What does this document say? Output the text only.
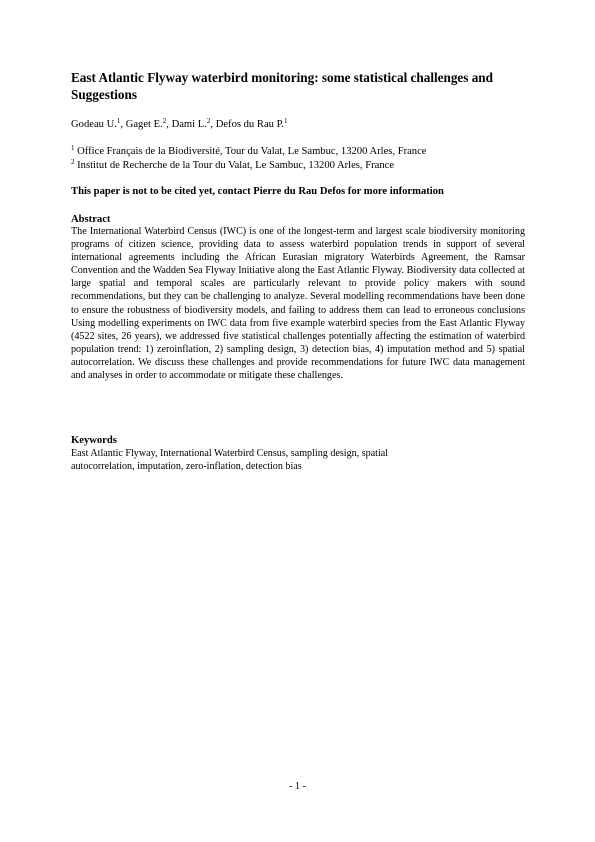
East Atlantic Flyway waterbird monitoring: some statistical challenges and Suggestions
Godeau U.$^1$, Gaget E.$^2$, Dami L.$^2$, Defos du Rau P.$^1$
$^1$ Office Français de la Biodiversité, Tour du Valat, Le Sambuc, 13200 Arles, France
$^2$ Institut de Recherche de la Tour du Valat, Le Sambuc, 13200 Arles, France
This paper is not to be cited yet, contact Pierre du Rau Defos for more information
Abstract
The International Waterbird Census (IWC) is one of the longest-term and largest scale biodiversity monitoring programs of citizen science, providing data to assess waterbird population trends in support of several international agreements including the African Eurasian migratory Waterbirds Agreement, the Ramsar Convention and the Wadden Sea Flyway Initiative along the East Atlantic Flyway. Biodiversity data collected at large spatial and temporal scales are particularly relevant to provide policy makers with sound recommendations, but they can be challenging to analyze. Several modelling recommendations have been done to ensure the robustness of biodiversity models, and failing to address them can lead to erroneous conclusions Using modelling experiments on IWC data from five example waterbird species from the East Atlantic Flyway (4522 sites, 26 years), we addressed five statistical challenges potentially affecting the estimation of waterbird population trend: 1) zeroinflation, 2) sampling design, 3) detection bias, 4) imputation method and 5) spatial autocorrelation. We discuss these challenges and provide recommendations for future IWC data management and analyses in order to accommodate or mitigate these challenges.
Keywords
East Atlantic Flyway, International Waterbird Census, sampling design, spatial
autocorrelation, imputation, zero-inflation, detection bias
- 1 -
